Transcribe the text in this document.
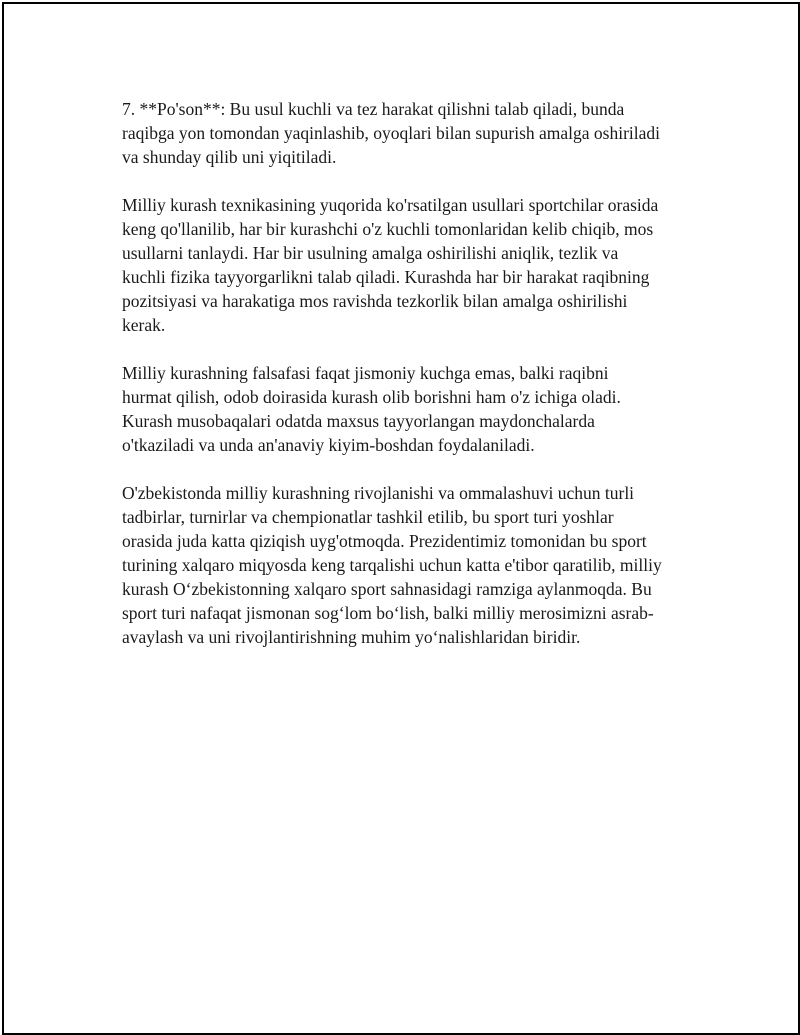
7. **Po'son**: Bu usul kuchli va tez harakat qilishni talab qiladi, bunda
raqibga yon tomondan yaqinlashib, oyoqlari bilan supurish amalga oshiriladi
va shunday qilib uni yiqitiladi.

Milliy kurash texnikasining yuqorida ko'rsatilgan usullari sportchilar orasida
keng qo'llanilib, har bir kurashchi o'z kuchli tomonlaridan kelib chiqib, mos
usullarni tanlaydi. Har bir usulning amalga oshirilishi aniqlik, tezlik va
kuchli fizika tayyorgarlikni talab qiladi. Kurashda har bir harakat raqibning
pozitsiyasi va harakatiga mos ravishda tezkorlik bilan amalga oshirilishi
kerak.

Milliy kurashning falsafasi faqat jismoniy kuchga emas, balki raqibni
hurmat qilish, odob doirasida kurash olib borishni ham o'z ichiga oladi.
Kurash musobaqalari odatda maxsus tayyorlangan maydonchalarda
o'tkaziladi va unda an'anaviy kiyim-boshdan foydalaniladi.

O'zbekistonda milliy kurashning rivojlanishi va ommalashuvi uchun turli
tadbirlar, turnirlar va chempionatlar tashkil etilib, bu sport turi yoshlar
orasida juda katta qiziqish uyg'otmoqda. Prezidentimiz tomonidan bu sport
turining xalqaro miqyosda keng tarqalishi uchun katta e'tibor qaratilib, milliy
kurash O‘zbekistonning xalqaro sport sahnasidagi ramziga aylanmoqda. Bu
sport turi nafaqat jismonan sog‘lom bo‘lish, balki milliy merosimizni asrab-
avaylash va uni rivojlantirishning muhim yo‘nalishlaridan biridir.
